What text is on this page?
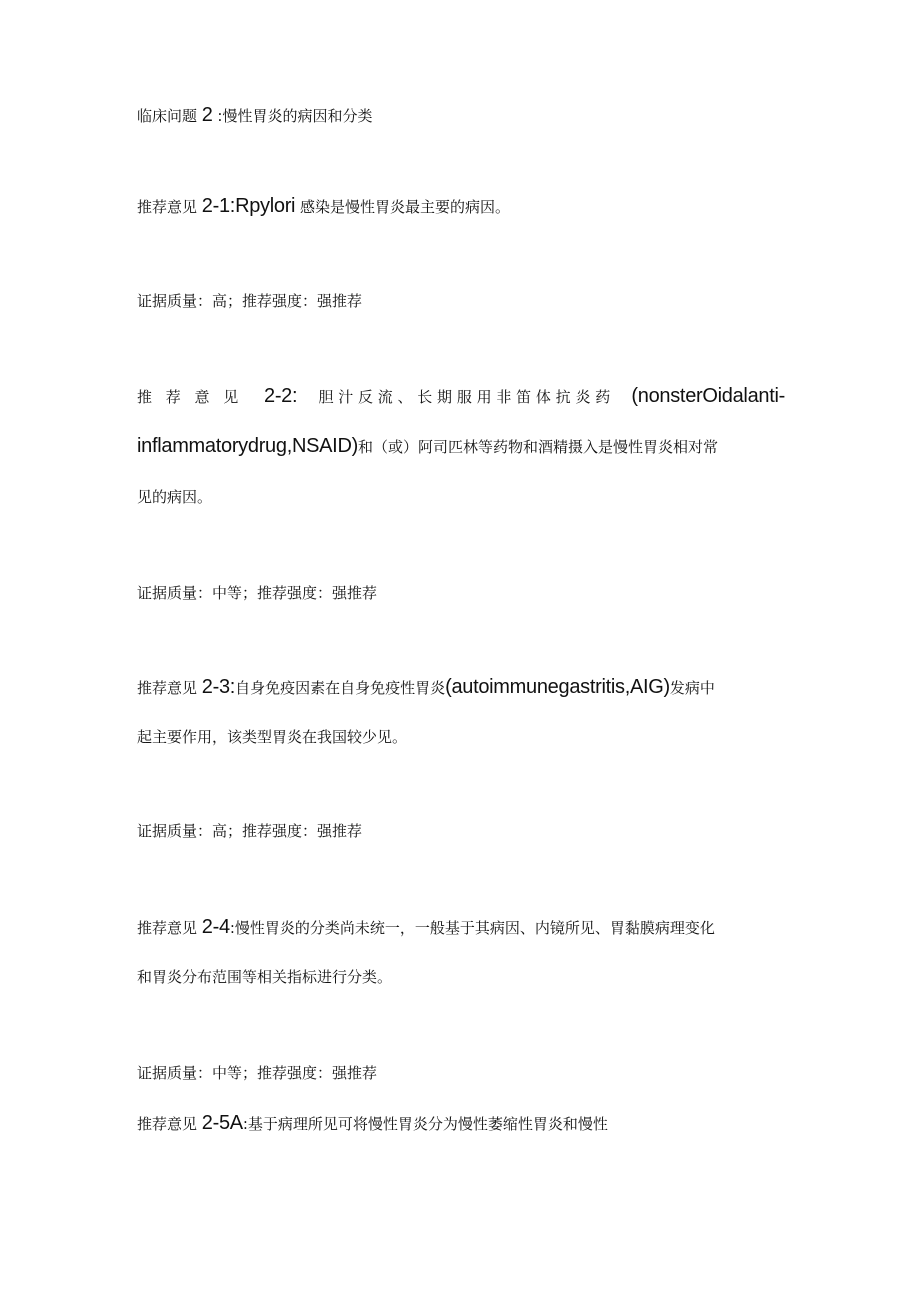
临床问题 2 :慢性胃炎的病因和分类
推荐意见 2-1:Rpylori 感染是慢性胃炎最主要的病因。
证据质量：高；推荐强度：强推荐
推 荐 意 见 2-2: 胆 汁 反 流 、 长 期 服 用 非 笛 体 抗 炎 药 (nonsterOidalanti-
inflammatorydrug,NSAID)和（或）阿司匹林等药物和酒精摄入是慢性胃炎相对常
见的病因。
证据质量：中等；推荐强度：强推荐
推荐意见 2-3:自身免疫因素在自身免疫性胃炎(autoimmunegastritis,AIG)发病中
起主要作用，该类型胃炎在我国较少见。
证据质量：高；推荐强度：强推荐
推荐意见 2-4:慢性胃炎的分类尚未统一，一般基于其病因、内镜所见、胃黏膜病理变化
和胃炎分布范围等相关指标进行分类。
证据质量：中等；推荐强度：强推荐
推荐意见 2-5A:基于病理所见可将慢性胃炎分为慢性萎缩性胃炎和慢性
